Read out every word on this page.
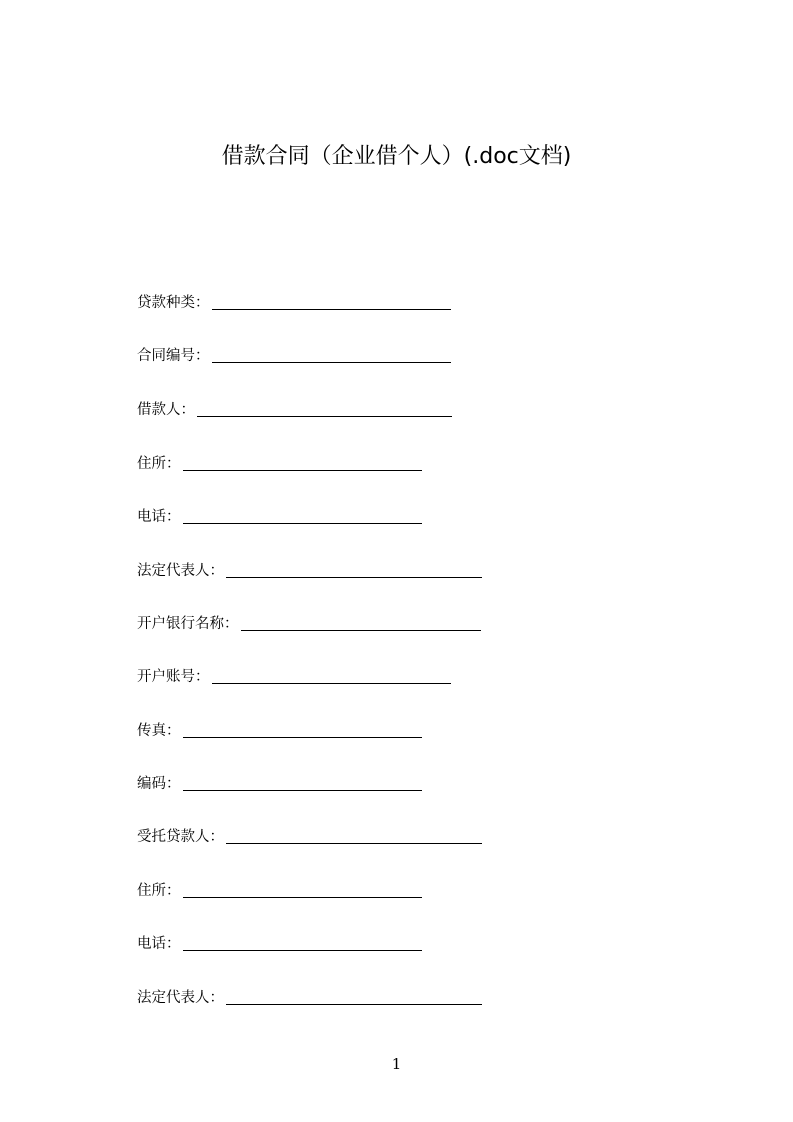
借款合同（企业借个人）(.doc文档)
贷款种类：
合同编号：
借款人：
住所：
电话：
法定代表人：
开户银行名称：
开户账号：
传真：
编码：
受托贷款人：
住所：
电话：
法定代表人：
1
